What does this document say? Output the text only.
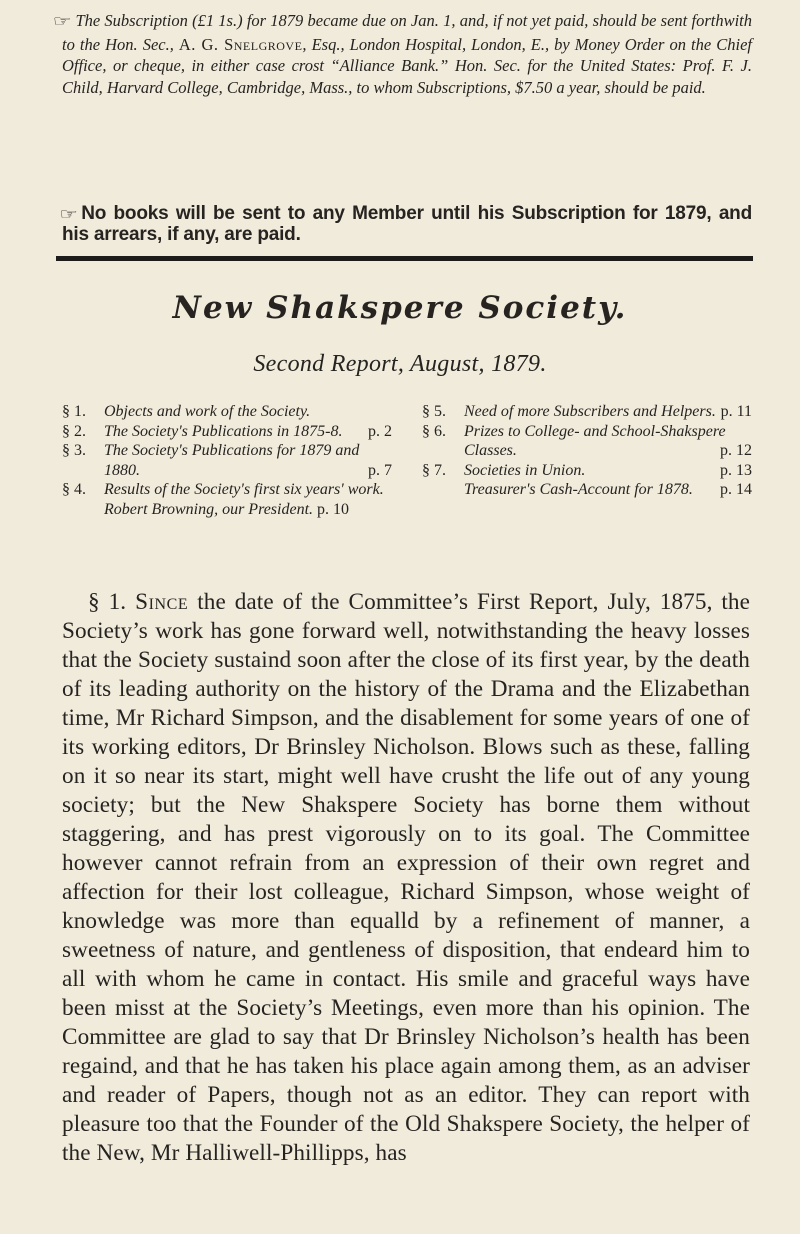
☞ The Subscription (£1 1s.) for 1879 became due on Jan. 1, and, if not yet paid, should be sent forthwith to the Hon. Sec., A. G. Snelgrove, Esq., London Hospital, London, E., by Money Order on the Chief Office, or cheque, in either case crost “Alliance Bank.” Hon. Sec. for the United States: Prof. F. J. Child, Harvard College, Cambridge, Mass., to whom Subscriptions, $7.50 a year, should be paid.

☞ No books will be sent to any Member until his Subscription for 1879, and his arrears, if any, are paid.

New Shakspere Society.
Second Report, August, 1879.
§ 1.	Objects and work of the Society.
§ 2.	The Society's Publications in 1875-8. p. 2
§ 3.	The Society's Publications for 1879 and 1880.	p. 7
§ 4.	Results of the Society's first six years' work. Robert Browning, our President. p. 10
§ 5.	Need of more Subscribers and Helpers. p. 11
§ 6.	Prizes to College- and School-Shakspere Classes.	p. 12
§ 7.	Societies in Union.	p. 13
Treasurer's Cash-Account for 1878. p. 14

§ 1. Since the date of the Committee’s First Report, July, 1875, the Society’s work has gone forward well, notwithstanding the heavy losses that the Society sustaind soon after the close of its first year, by the death of its leading authority on the history of the Drama and the Elizabethan time, Mr Richard Simpson, and the disablement for some years of one of its working editors, Dr Brinsley Nicholson. Blows such as these, falling on it so near its start, might well have crusht the life out of any young society; but the New Shakspere Society has borne them without staggering, and has prest vigorously on to its goal. The Committee however cannot refrain from an expression of their own regret and affection for their lost colleague, Richard Simpson, whose weight of knowledge was more than equalld by a refinement of manner, a sweetness of nature, and gentleness of disposition, that endeard him to all with whom he came in contact. His smile and graceful ways have been misst at the Society’s Meetings, even more than his opinion. The Committee are glad to say that Dr Brinsley Nicholson’s health has been regaind, and that he has taken his place again among them, as an adviser and reader of Papers, though not as an editor. They can report with pleasure too that the Founder of the Old Shakspere Society, the helper of the New, Mr Halliwell-Phillipps, has
